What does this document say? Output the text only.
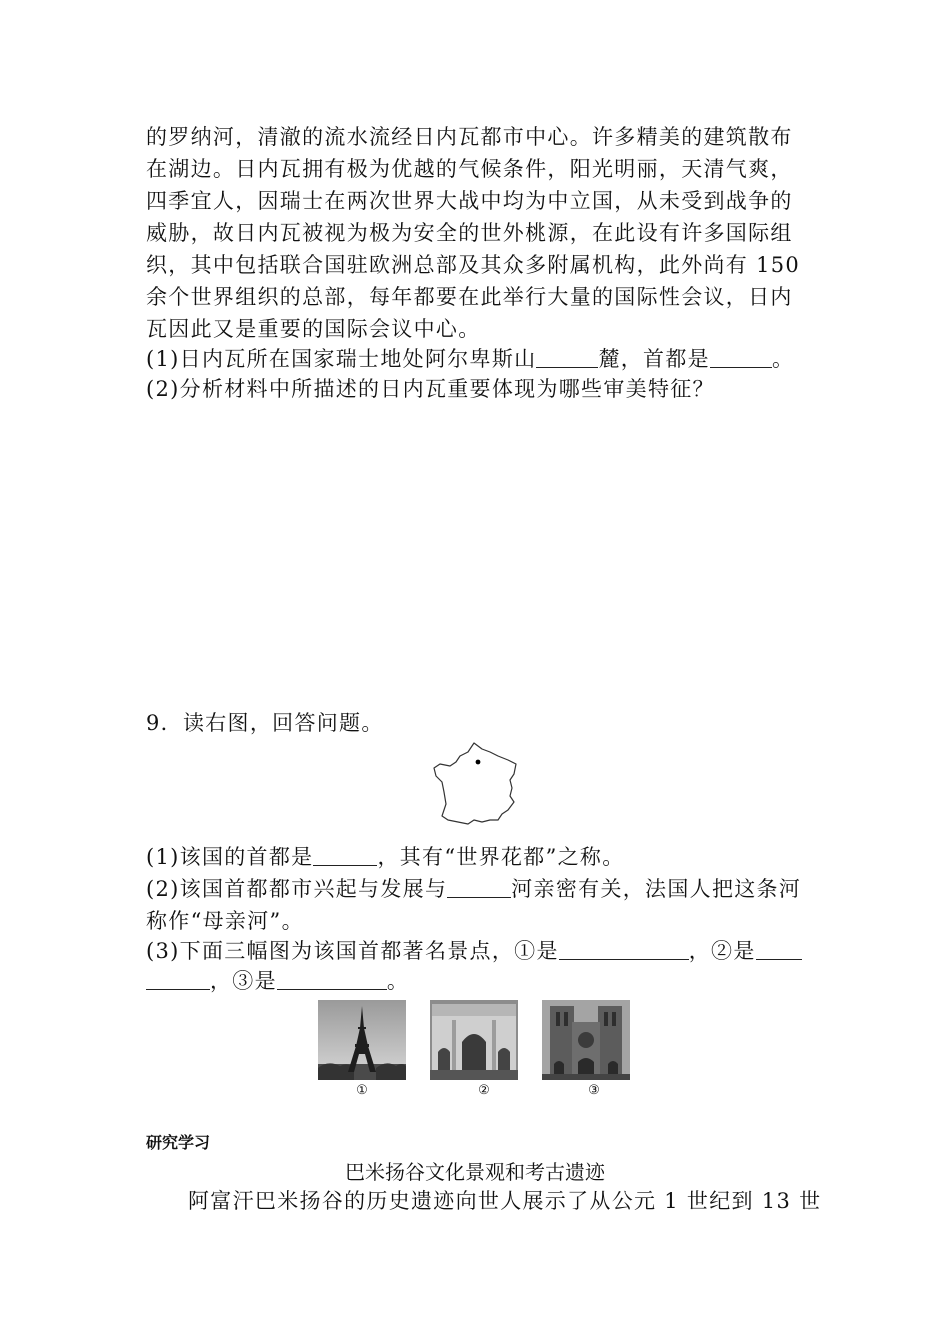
的罗纳河，清澈的流水流经日内瓦都市中心。许多精美的建筑散布
在湖边。日内瓦拥有极为优越的气候条件，阳光明丽，天清气爽，
四季宜人，因瑞士在两次世界大战中均为中立国，从未受到战争的
威胁，故日内瓦被视为极为安全的世外桃源，在此设有许多国际组
织，其中包括联合国驻欧洲总部及其众多附属机构，此外尚有 150
余个世界组织的总部，每年都要在此举行大量的国际性会议，日内
瓦因此又是重要的国际会议中心。
(1)日内瓦所在国家瑞士地处阿尔卑斯山	麓，首都是	。
(2)分析材料中所描述的日内瓦重要体现为哪些审美特征？
9．读右图，回答问题。
(1)该国的首都是	，其有“世界花都”之称。
(2)该国首都都市兴起与发展与	河亲密有关，法国人把这条河
称作“母亲河”。
(3)下面三幅图为该国首都著名景点，①是	，②是
，③是	。
①	②	③
研究学习
巴米扬谷文化景观和考古遗迹
阿富汗巴米扬谷的历史遗迹向世人展示了从公元 1 世纪到 13 世
